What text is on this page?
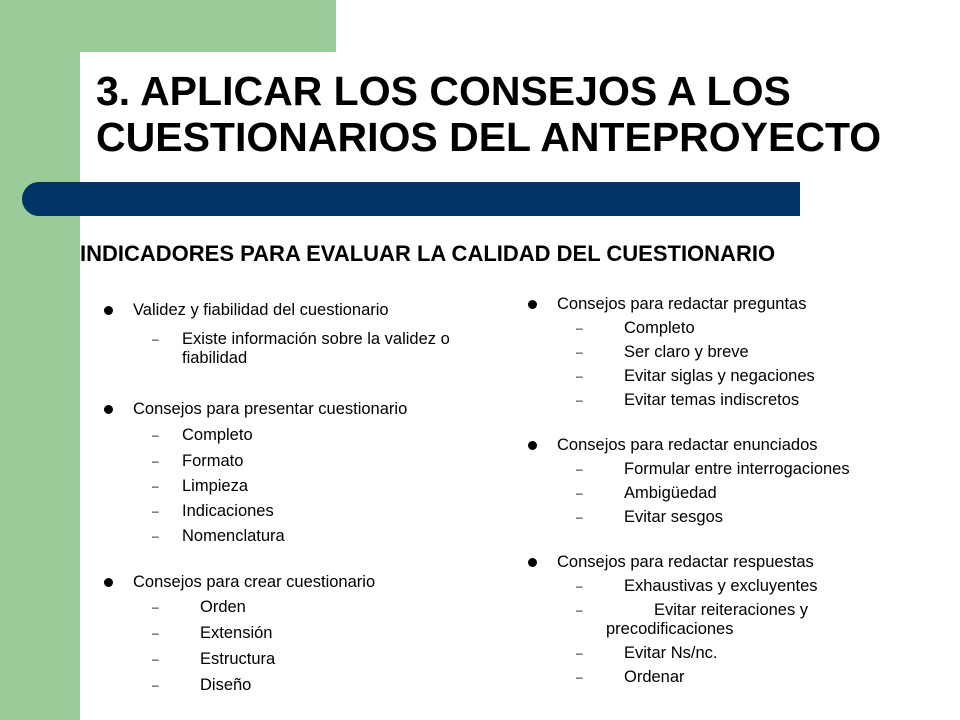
3. APLICAR LOS CONSEJOS A LOS
CUESTIONARIOS DEL ANTEPROYECTO
INDICADORES PARA EVALUAR LA CALIDAD DEL CUESTIONARIO
Validez y fiabilidad del cuestionario
–	Existe información sobre la validez o fiabilidad
Consejos para presentar cuestionario
–	Completo
–	Formato
–	Limpieza
–	Indicaciones
–	Nomenclatura
Consejos para crear cuestionario
–	Orden
–	Extensión
–	Estructura
–	Diseño
Consejos para redactar preguntas
–	Completo
–	Ser claro y breve
–	Evitar siglas y negaciones
–	Evitar temas indiscretos
Consejos para redactar enunciados
–	Formular entre interrogaciones
–	Ambigüedad
–	Evitar sesgos
Consejos para redactar respuestas
–	Exhaustivas y excluyentes
–	Evitar reiteraciones y precodificaciones
–	Evitar Ns/nc.
–	Ordenar
